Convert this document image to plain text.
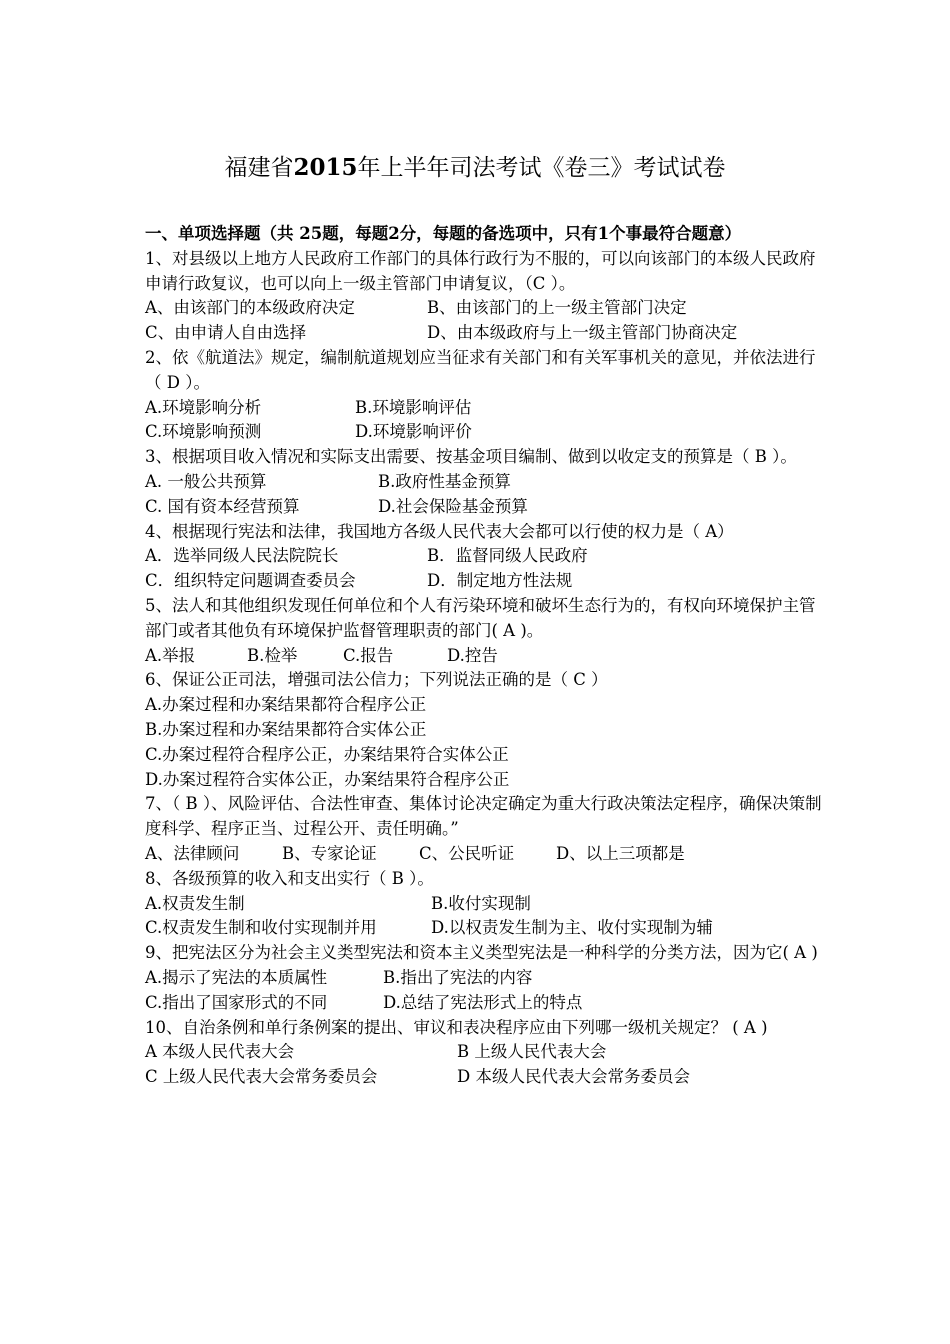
福建省2015年上半年司法考试《卷三》考试试卷
一、单项选择题（共 25题，每题2分，每题的备选项中，只有1个事最符合题意）
1、对县级以上地方人民政府工作部门的具体行政行为不服的，可以向该部门的本级人民政府申请行政复议，也可以向上一级主管部门申请复议，（C ）。
A、由该部门的本级政府决定	B、由该部门的上一级主管部门决定
C、由申请人自由选择	D、由本级政府与上一级主管部门协商决定
2、依《航道法》规定，编制航道规划应当征求有关部门和有关军事机关的意见，并依法进行（ D ）。
A.环境影响分析	B.环境影响评估
C.环境影响预测	D.环境影响评价
3、根据项目收入情况和实际支出需要、按基金项目编制、做到以收定支的预算是（ B ）。
A. 一般公共预算	B.政府性基金预算
C. 国有资本经营预算	D.社会保险基金预算
4、根据现行宪法和法律，我国地方各级人民代表大会都可以行使的权力是（ A）
A．选举同级人民法院院长	B．监督同级人民政府
C．组织特定问题调查委员会	D．制定地方性法规
5、法人和其他组织发现任何单位和个人有污染环境和破坏生态行为的，有权向环境保护主管部门或者其他负有环境保护监督管理职责的部门( A )。
A.举报	B.检举	C.报告	D.控告
6、保证公正司法，增强司法公信力；下列说法正确的是（ C ）
A.办案过程和办案结果都符合程序公正
B.办案过程和办案结果都符合实体公正
C.办案过程符合程序公正，办案结果符合实体公正
D.办案过程符合实体公正，办案结果符合程序公正
7、（ B ）、风险评估、合法性审查、集体讨论决定确定为重大行政决策法定程序，确保决策制度科学、程序正当、过程公开、责任明确。”
A、法律顾问	B、专家论证	C、公民听证	D、以上三项都是
8、各级预算的收入和支出实行（ B ）。
A.权责发生制	B.收付实现制
C.权责发生制和收付实现制并用	D.以权责发生制为主、收付实现制为辅
9、把宪法区分为社会主义类型宪法和资本主义类型宪法是一种科学的分类方法，因为它( A )
A.揭示了宪法的本质属性	B.指出了宪法的内容
C.指出了国家形式的不同	D.总结了宪法形式上的特点
10、自治条例和单行条例案的提出、审议和表决程序应由下列哪一级机关规定？ ( A )
A 本级人民代表大会	B 上级人民代表大会
C 上级人民代表大会常务委员会	D 本级人民代表大会常务委员会
